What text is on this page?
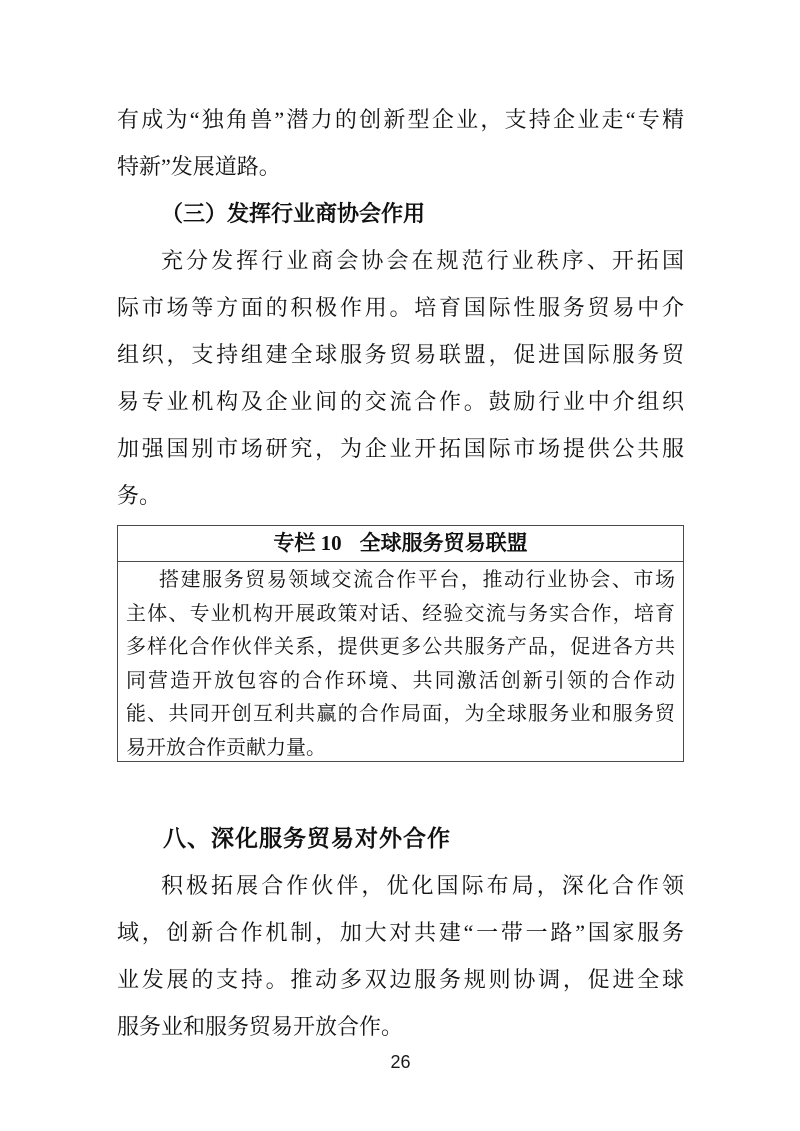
有成为“独角兽”潜力的创新型企业，支持企业走“专精
特新”发展道路。
（三）发挥行业商协会作用
充分发挥行业商会协会在规范行业秩序、开拓国
际市场等方面的积极作用。培育国际性服务贸易中介
组织，支持组建全球服务贸易联盟，促进国际服务贸
易专业机构及企业间的交流合作。鼓励行业中介组织
加强国别市场研究，为企业开拓国际市场提供公共服
务。
专栏 10 全球服务贸易联盟
搭建服务贸易领域交流合作平台，推动行业协会、市场
主体、专业机构开展政策对话、经验交流与务实合作，培育
多样化合作伙伴关系，提供更多公共服务产品，促进各方共
同营造开放包容的合作环境、共同激活创新引领的合作动
能、共同开创互利共赢的合作局面，为全球服务业和服务贸
易开放合作贡献力量。
八、深化服务贸易对外合作
积极拓展合作伙伴，优化国际布局，深化合作领
域，创新合作机制，加大对共建“一带一路”国家服务
业发展的支持。推动多双边服务规则协调，促进全球
服务业和服务贸易开放合作。
26
